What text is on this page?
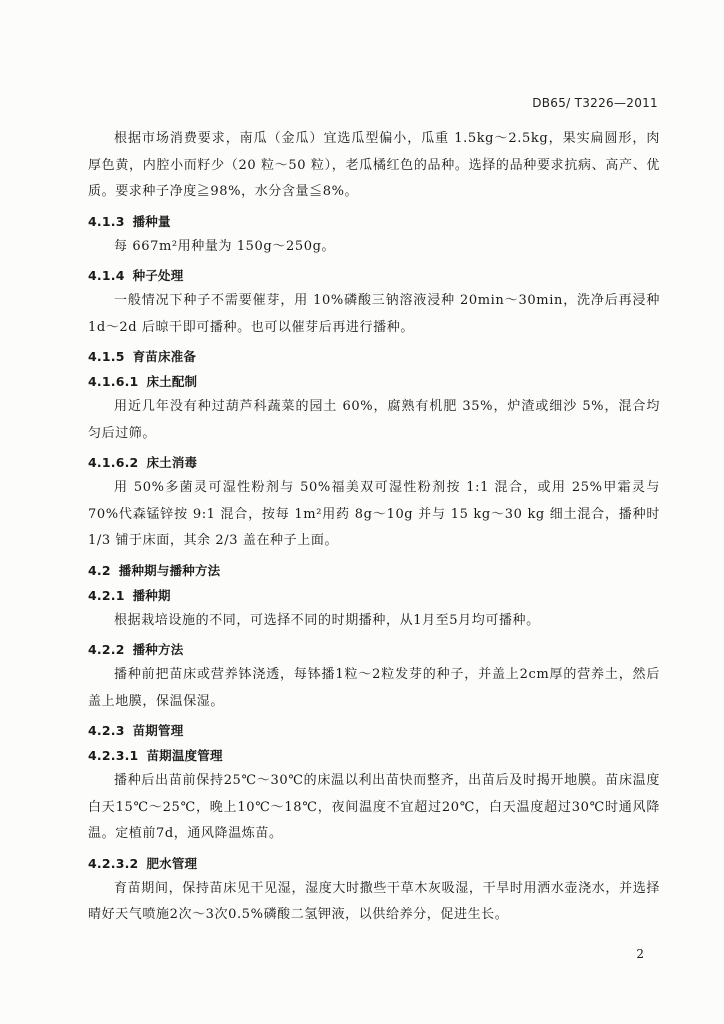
DB65/ T3226—2011

根据市场消费要求，南瓜（金瓜）宜选瓜型偏小，瓜重 1.5kg～2.5kg，果实扁圆形，肉厚色黄，内腔小而籽少（20 粒～50 粒），老瓜橘红色的品种。选择的品种要求抗病、高产、优质。要求种子净度≧98%，水分含量≦8%。

4.1.3 播种量

每 667m²用种量为 150g～250g。

4.1.4 种子处理

一般情况下种子不需要催芽，用 10%磷酸三钠溶液浸种 20min～30min，洗净后再浸种 1d～2d 后晾干即可播种。也可以催芽后再进行播种。

4.1.5 育苗床准备
4.1.6.1 床土配制

用近几年没有种过葫芦科蔬菜的园土 60%，腐熟有机肥 35%，炉渣或细沙 5%，混合均匀后过筛。

4.1.6.2 床土消毒

用 50%多菌灵可湿性粉剂与 50%福美双可湿性粉剂按 1:1 混合，或用 25%甲霜灵与 70%代森锰锌按 9:1 混合，按每 1m²用药 8g～10g 并与 15 kg～30 kg 细土混合，播种时 1/3 铺于床面，其余 2/3 盖在种子上面。

4.2 播种期与播种方法
4.2.1 播种期

根据栽培设施的不同，可选择不同的时期播种，从1月至5月均可播种。

4.2.2 播种方法

播种前把苗床或营养钵浇透，每钵播1粒～2粒发芽的种子，并盖上2cm厚的营养土，然后盖上地膜，保温保湿。

4.2.3 苗期管理
4.2.3.1 苗期温度管理

播种后出苗前保持25℃～30℃的床温以利出苗快而整齐，出苗后及时揭开地膜。苗床温度白天15℃～25℃，晚上10℃～18℃，夜间温度不宜超过20℃，白天温度超过30℃时通风降温。定植前7d，通风降温炼苗。

4.2.3.2 肥水管理

育苗期间，保持苗床见干见湿，湿度大时撒些干草木灰吸湿，干旱时用洒水壶浇水，并选择晴好天气喷施2次～3次0.5%磷酸二氢钾液，以供给养分，促进生长。

2
